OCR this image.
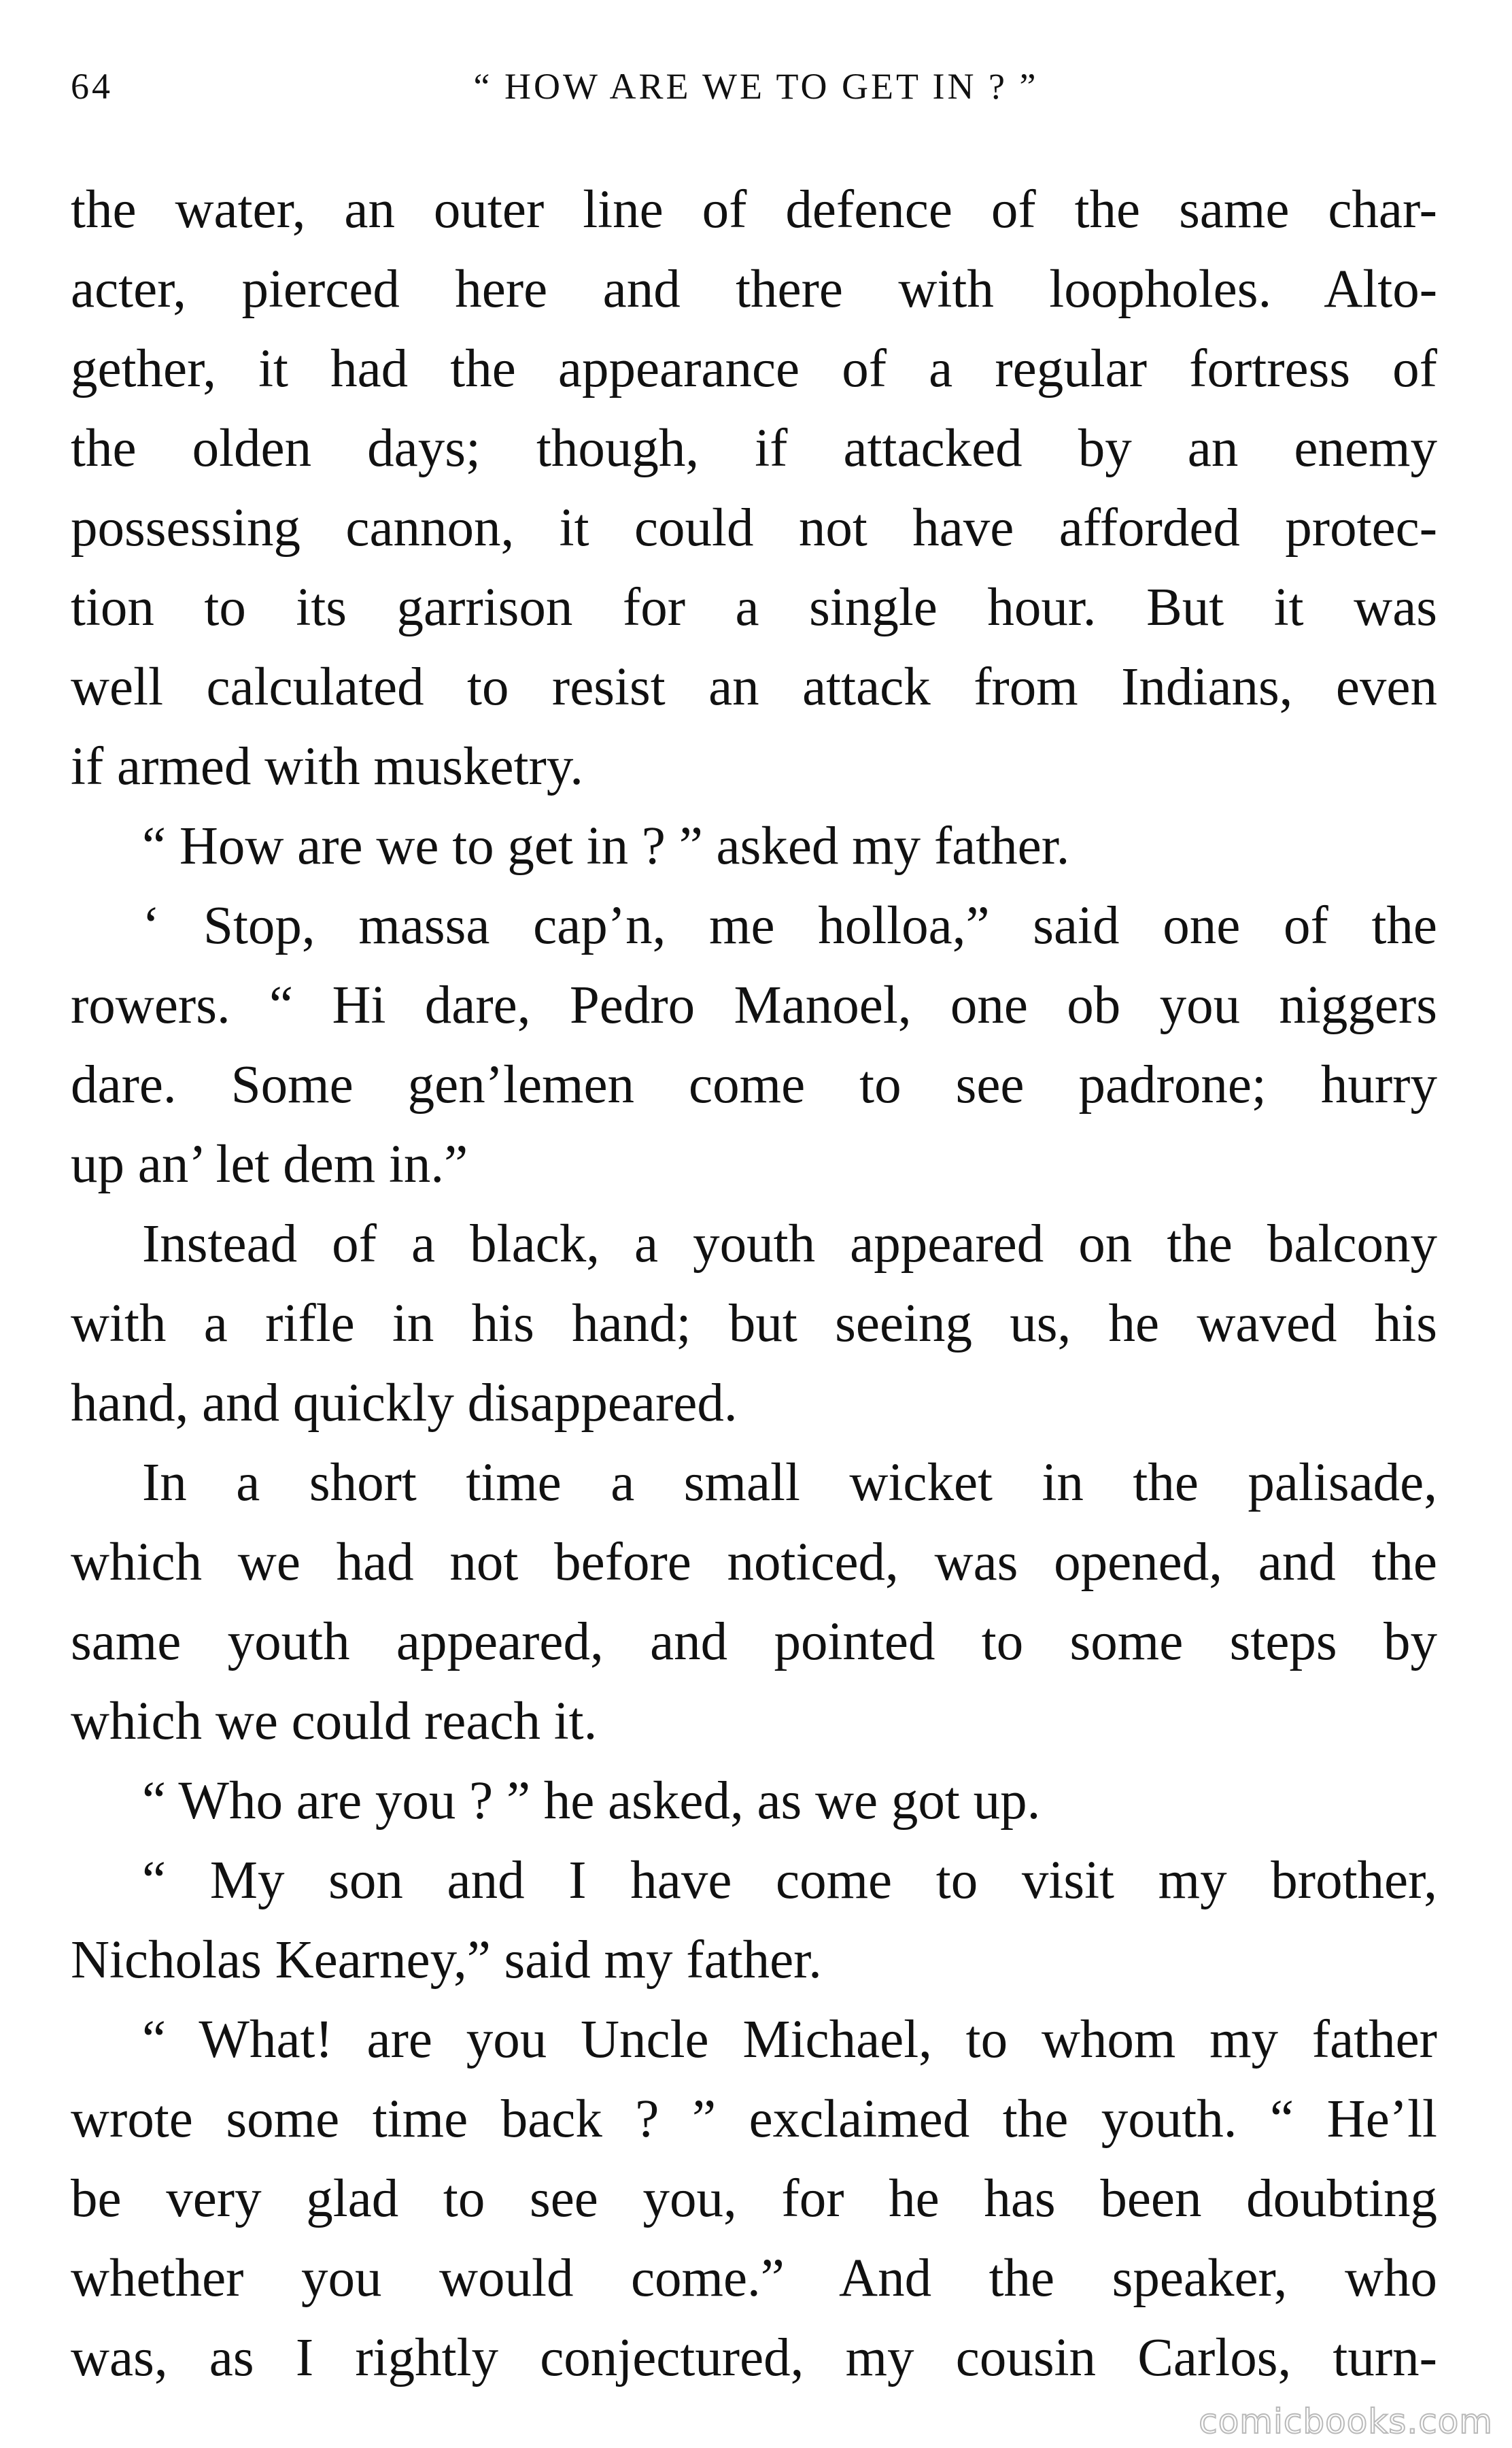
64	“ HOW ARE WE TO GET IN ? ”
the water, an outer line of defence of the same char-
acter, pierced here and there with loopholes. Alto-
gether, it had the appearance of a regular fortress of
the olden days; though, if attacked by an enemy
possessing cannon, it could not have afforded protec-
tion to its garrison for a single hour. But it was
well calculated to resist an attack from Indians, even
if armed with musketry.
“ How are we to get in ? ” asked my father.
‘ Stop, massa cap’n, me holloa,” said one of the
rowers. “ Hi dare, Pedro Manoel, one ob you niggers
dare. Some gen’lemen come to see padrone; hurry
up an’ let dem in.”
Instead of a black, a youth appeared on the balcony
with a rifle in his hand; but seeing us, he waved his
hand, and quickly disappeared.
In a short time a small wicket in the palisade,
which we had not before noticed, was opened, and the
same youth appeared, and pointed to some steps by
which we could reach it.
“ Who are you ? ” he asked, as we got up.
“ My son and I have come to visit my brother,
Nicholas Kearney,” said my father.
“ What! are you Uncle Michael, to whom my father
wrote some time back ? ” exclaimed the youth. “ He’ll
be very glad to see you, for he has been doubting
whether you would come.” And the speaker, who
was, as I rightly conjectured, my cousin Carlos, turn-
comicbooks.com
